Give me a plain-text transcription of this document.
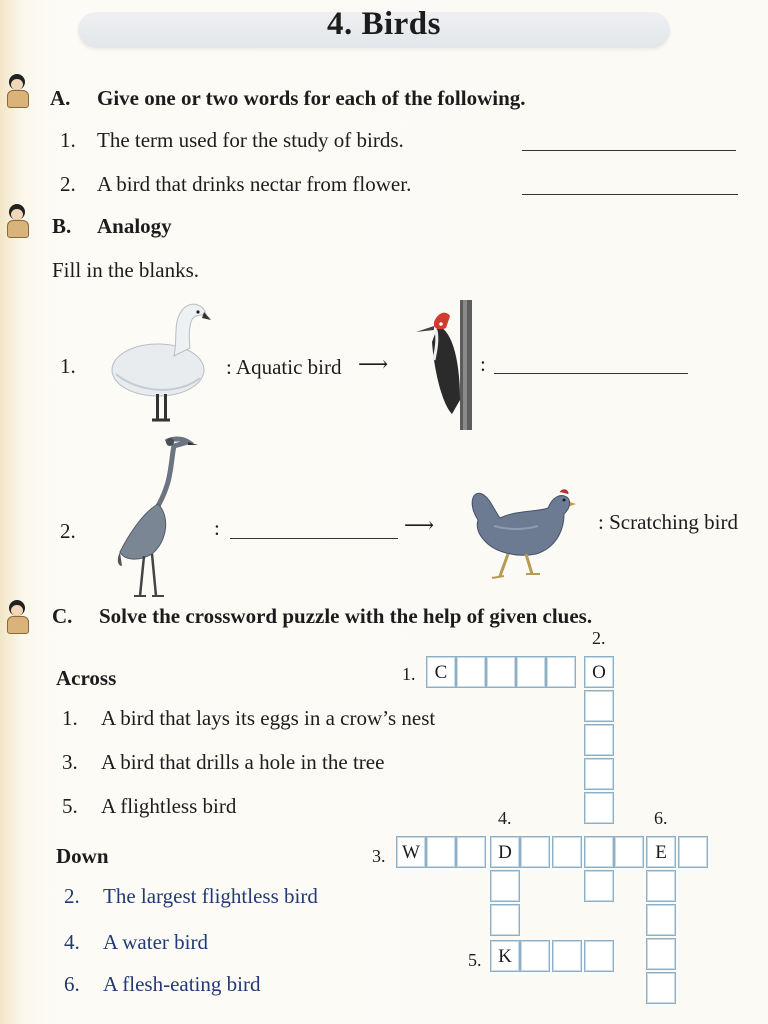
4. Birds
A. Give one or two words for each of the following.
1. The term used for the study of birds.
2. A bird that drinks nectar from flower.
B. Analogy
Fill in the blanks.
1.	: Aquatic bird ⟶	:
2.	:	⟶	: Scratching bird
C. Solve the crossword puzzle with the help of given clues.
Across
1. A bird that lays its eggs in a crow’s nest
3. A bird that drills a hole in the tree
5. A flightless bird
Down
2. The largest flightless bird
4. A water bird
6. A flesh-eating bird
1.
2.
3.
4.
5.
6.
C	O
W	D	E
K
